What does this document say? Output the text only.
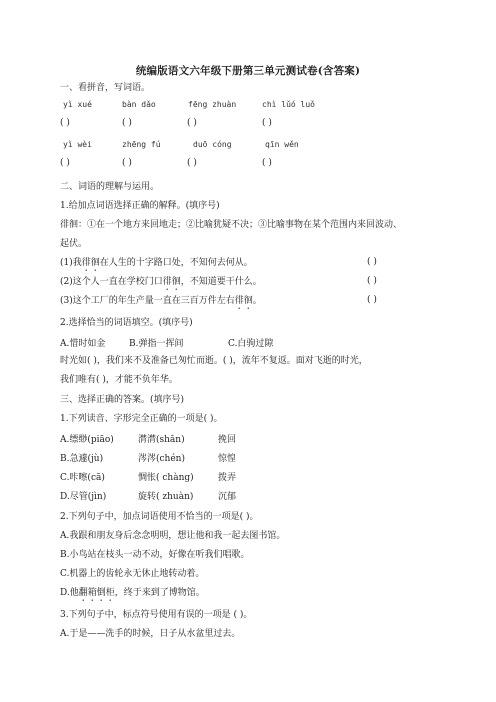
统编版语文六年级下册第三单元测试卷(含答案)
一、看拼音，写词语。
yì xué	bàn dǎo	fēng zhuàn	chì lǔó luǒ
( )	( )	( )	( )
yì wèi	zhēng fú	duō cóng	qīn wěn
( )	( )	( )	( )
二、词语的理解与运用。
1.给加点词语选择正确的解释。(填序号)
徘徊：①在一个地方来回地走；②比喻犹疑不决；③比喻事物在某个范围内来回波动、
起伏。
(1)我徘徊在人生的十字路口处，不知何去何从。	( )
(2)这个人一直在学校门口徘徊，不知道要干什么。	( )
(3)这个工厂的年生产量一直在三百万件左右徘徊。	( )
2.选择恰当的词语填空。(填序号)
A.惜时如金	B.弹指一挥间	C.白驹过隙
时光如( )，我们来不及准备已匆忙而逝。( )，流年不复返。面对飞逝的时光，
我们唯有( )，才能不负年华。
三、选择正确的答案。(填序号)
1.下列读音、字形完全正确的一项是( )。
A.缥缈(piāo)	潸潸(shān)	挽回
B.急遽(jù)	涔涔(chén)	惊惶
C.咔嚓(cā)	惆怅( chàng)	拨弄
D.尽管(jìn)	旋转( zhuàn)	沉郁
2.下列句子中，加点词语使用不恰当的一项是( )。
A.我跟和朋友身后念念明明，想让他和我一起去图书馆。
B.小鸟站在枝头一动不动，好像在听我们唱歌。
C.机器上的齿轮永无休止地转动着。
D.他翻箱倒柜，终于来到了博物馆。
3.下列句子中，标点符号使用有误的一项是 ( )。
A.于是——洗手的时候，日子从水盆里过去。
